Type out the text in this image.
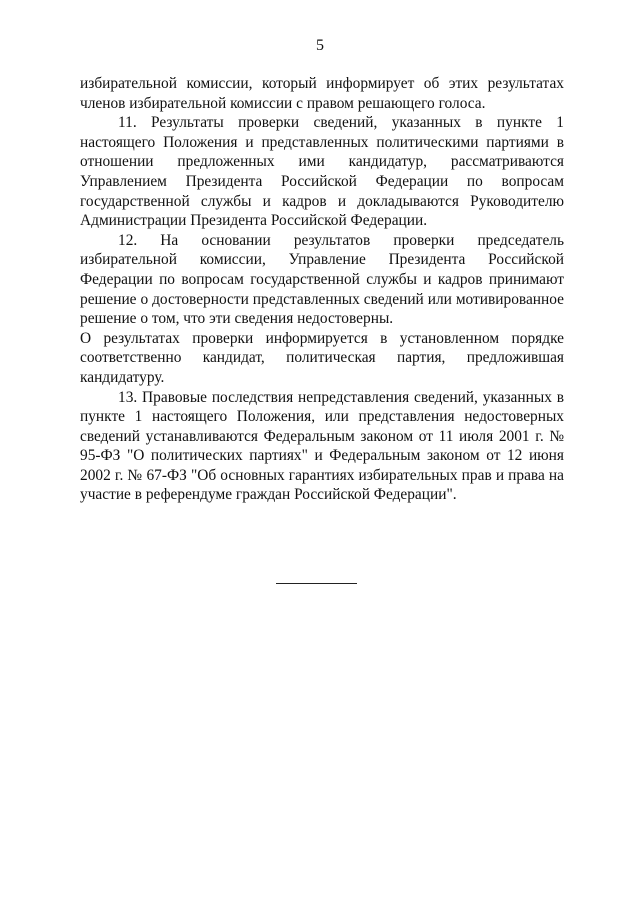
5

избирательной комиссии, который информирует об этих результатах членов избирательной комиссии с правом решающего голоса.

11. Результаты проверки сведений, указанных в пункте 1 настоящего Положения и представленных политическими партиями в отношении предложенных ими кандидатур, рассматриваются Управлением Президента Российской Федерации по вопросам государственной службы и кадров и докладываются Руководителю Администрации Президента Российской Федерации.

12. На основании результатов проверки председатель избирательной комиссии, Управление Президента Российской Федерации по вопросам государственной службы и кадров принимают решение о достоверности представленных сведений или мотивированное решение о том, что эти сведения недостоверны.

О результатах проверки информируется в установленном порядке соответственно кандидат, политическая партия, предложившая кандидатуру.

13. Правовые последствия непредставления сведений, указанных в пункте 1 настоящего Положения, или представления недостоверных сведений устанавливаются Федеральным законом от 11 июля 2001 г. № 95-ФЗ "О политических партиях" и Федеральным законом от 12 июня 2002 г. № 67-ФЗ "Об основных гарантиях избирательных прав и права на участие в референдуме граждан Российской Федерации".
